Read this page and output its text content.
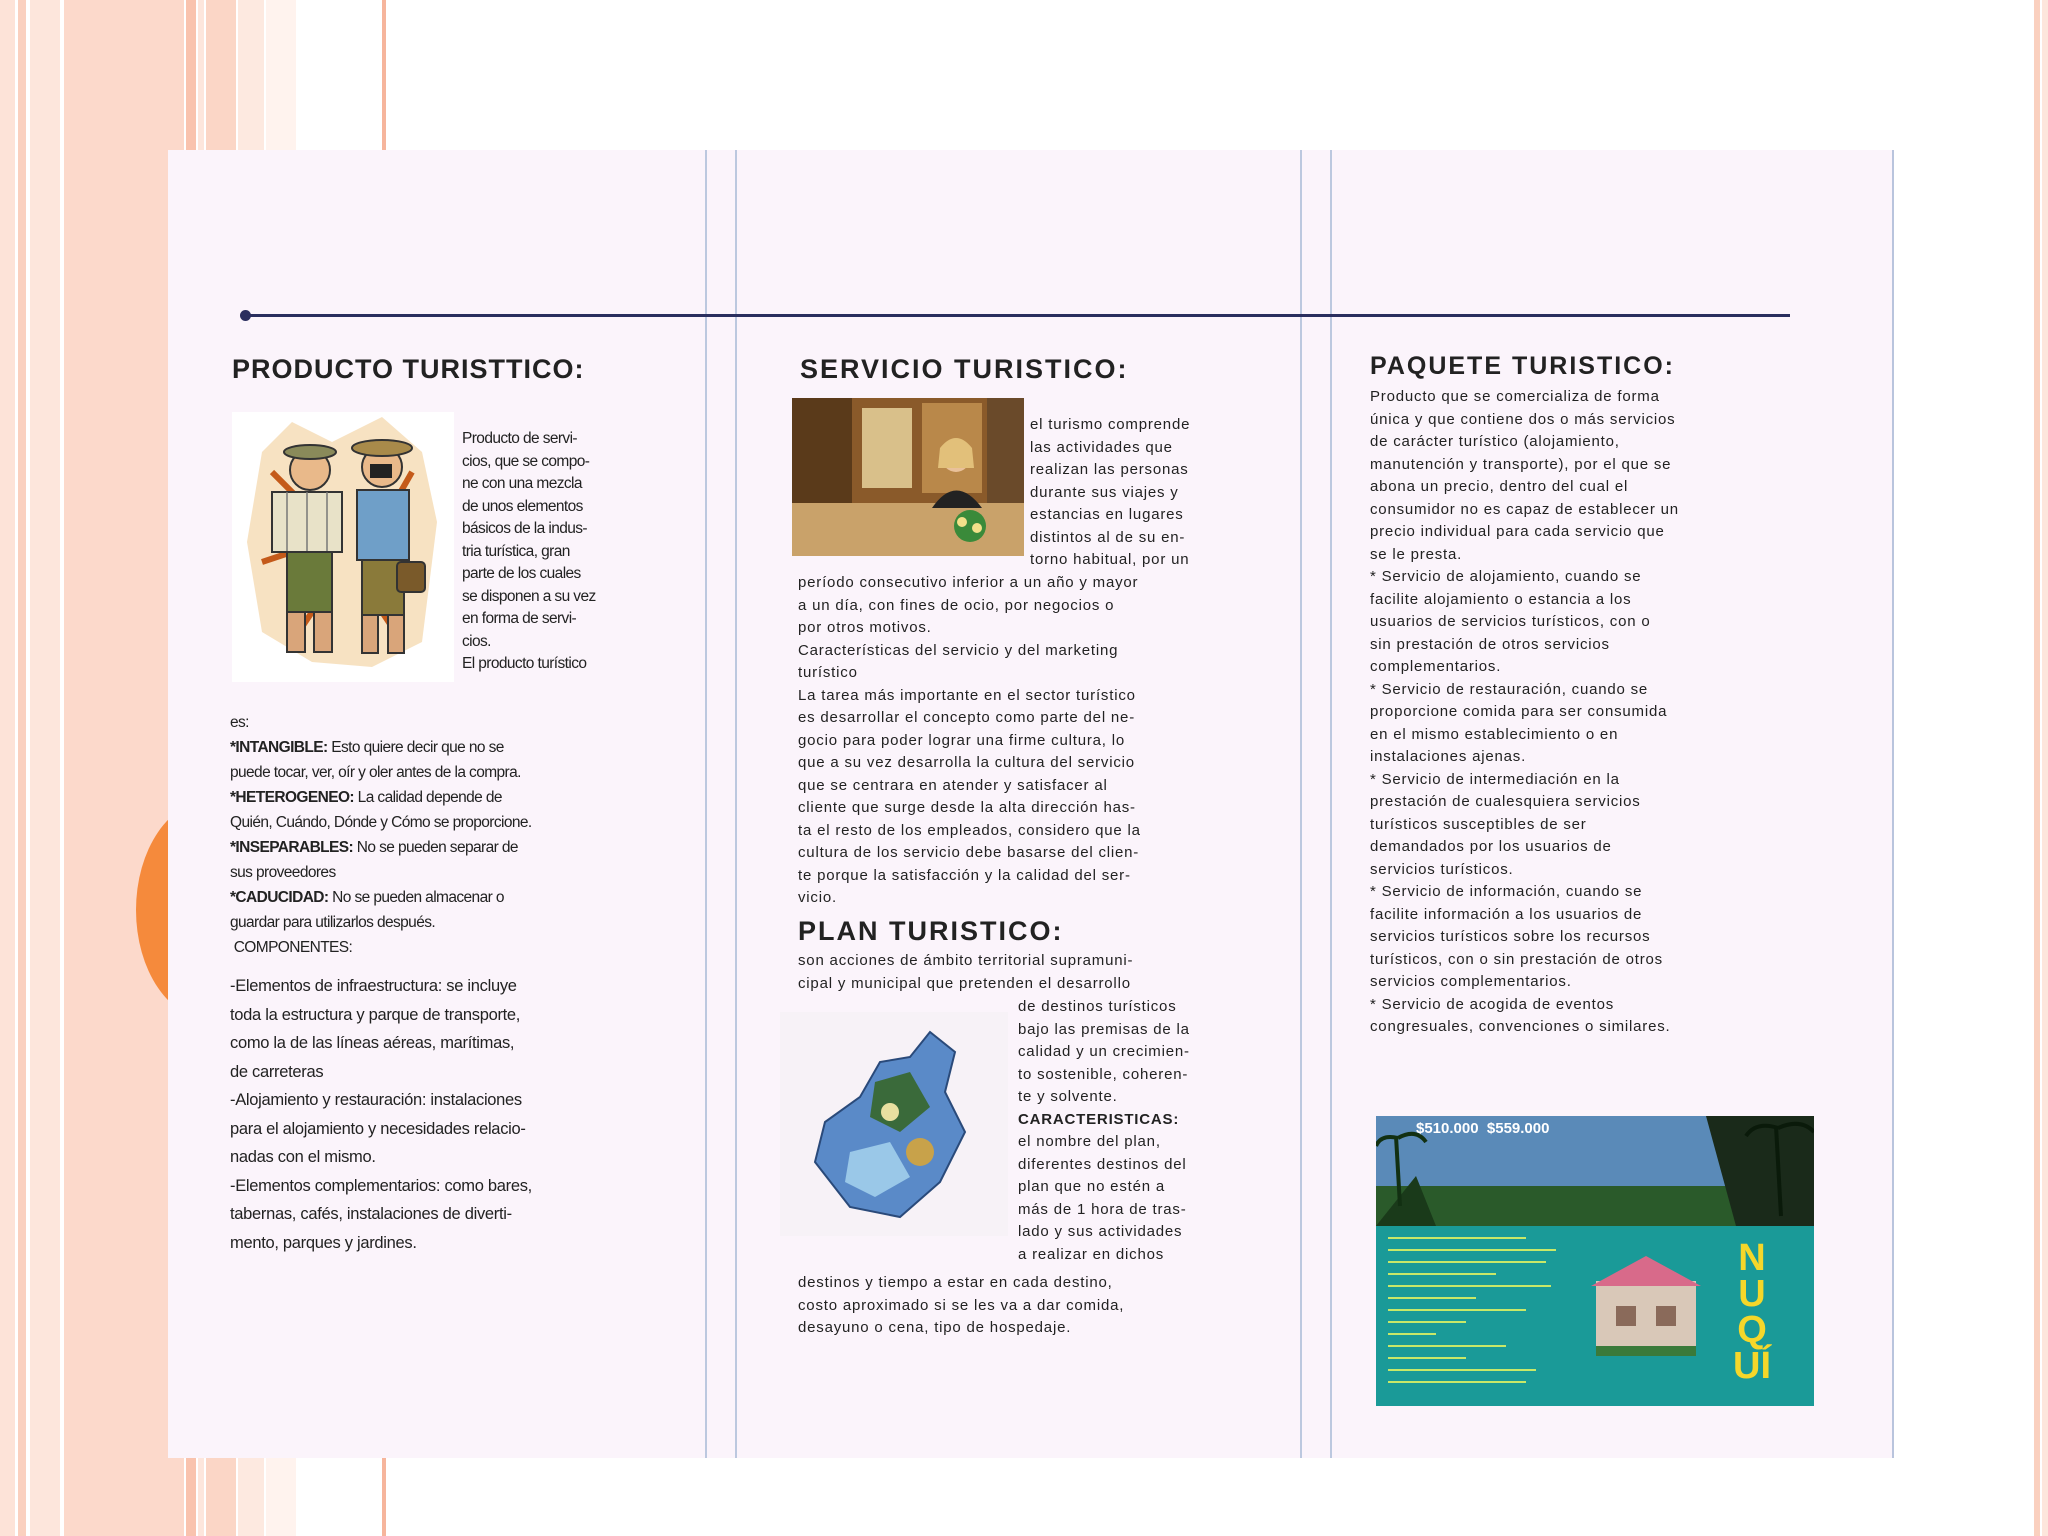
PRODUCTO TURISTTICO:
Producto de servi-
cios, que se compo-
ne con una mezcla
de unos elementos
básicos de la indus-
tria turística, gran
parte de los cuales
se disponen a su vez
en forma de servi-
cios.
El producto turístico
es:
*INTANGIBLE: Esto quiere decir que no se
puede tocar, ver, oír y oler antes de la compra.
*HETEROGENEO: La calidad depende de
Quién, Cuándo, Dónde y Cómo se proporcione.
*INSEPARABLES: No se pueden separar de
sus proveedores
*CADUCIDAD: No se pueden almacenar o
guardar para utilizarlos después.
COMPONENTES:
-Elementos de infraestructura: se incluye
toda la estructura y parque de transporte,
como la de las líneas aéreas, marítimas,
de carreteras
-Alojamiento y restauración: instalaciones
para el alojamiento y necesidades relacio-
nadas con el mismo.
-Elementos complementarios: como bares,
tabernas, cafés, instalaciones de diverti-
mento, parques y jardines.
SERVICIO TURISTICO:
el turismo comprende
las actividades que
realizan las personas
durante sus viajes y
estancias en lugares
distintos al de su en-
torno habitual, por un
período consecutivo inferior a un año y mayor
a un día, con fines de ocio, por negocios o
por otros motivos.
Características del servicio y del marketing
turístico
La tarea más importante en el sector turístico
es desarrollar el concepto como parte del ne-
gocio para poder lograr una firme cultura, lo
que a su vez desarrolla la cultura del servicio
que se centrara en atender y satisfacer al
cliente que surge desde la alta dirección has-
ta el resto de los empleados, considero que la
cultura de los servicio debe basarse del clien-
te porque la satisfacción y la calidad del ser-
vicio.
PLAN TURISTICO:
son acciones de ámbito territorial supramuni-
cipal y municipal que pretenden el desarrollo
de destinos turísticos
bajo las premisas de la
calidad y un crecimien-
to sostenible, coheren-
te y solvente.
CARACTERISTICAS:
el nombre del plan,
diferentes destinos del
plan que no estén a
más de 1 hora de tras-
lado y sus actividades
a realizar en dichos
destinos y tiempo a estar en cada destino,
costo aproximado si se les va a dar comida,
desayuno o cena, tipo de hospedaje.
PAQUETE TURISTICO:
Producto que se comercializa de forma
única y que contiene dos o más servicios
de carácter turístico (alojamiento,
manutención y transporte), por el que se
abona un precio, dentro del cual el
consumidor no es capaz de establecer un
precio individual para cada servicio que
se le presta.
* Servicio de alojamiento, cuando se
facilite alojamiento o estancia a los
usuarios de servicios turísticos, con o
sin prestación de otros servicios
complementarios.
* Servicio de restauración, cuando se
proporcione comida para ser consumida
en el mismo establecimiento o en
instalaciones ajenas.
* Servicio de intermediación en la
prestación de cualesquiera servicios
turísticos susceptibles de ser
demandados por los usuarios de
servicios turísticos.
* Servicio de información, cuando se
facilite información a los usuarios de
servicios turísticos sobre los recursos
turísticos, con o sin prestación de otros
servicios complementarios.
* Servicio de acogida de eventos
congresuales, convenciones o similares.
$510.000  $559.000
NUQUÍ
